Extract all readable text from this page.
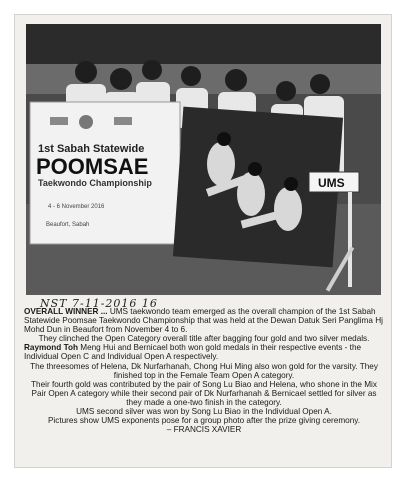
1st Sabah Statewide
POOMSAE
Taekwondo Championship
4 - 6 November 2016
Beaufort, Sabah
UMS
NST 7-11-2016 16

OVERALL WINNER ... UMS taekwondo team emerged as the overall champion of the 1st Sabah Statewide Poomsae Taekwondo Championship that was held at the Dewan Datuk Seri Panglima Hj Mohd Dun in Beaufort from November 4 to 6.

They clinched the Open Category overall title after bagging four gold and two silver medals.

Raymond Toh Meng Hui and Bernicael both won gold medals in their respective events - the Individual Open C and Individual Open A respectively.

The threesomes of Helena, Dk Nurfarhanah, Chong Hui Ming also won gold for the varsity. They finished top in the Female Team Open A category.

Their fourth gold was contributed by the pair of Song Lu Biao and Helena, who shone in the Mix Pair Open A category while their second pair of Dk Nurfarhanah & Bernicael settled for silver as they made a one-two finish in the category.

UMS second silver was won by Song Lu Biao in the Individual Open A.

Pictures show UMS exponents pose for a group photo after the prize giving ceremony.

– FRANCIS XAVIER
